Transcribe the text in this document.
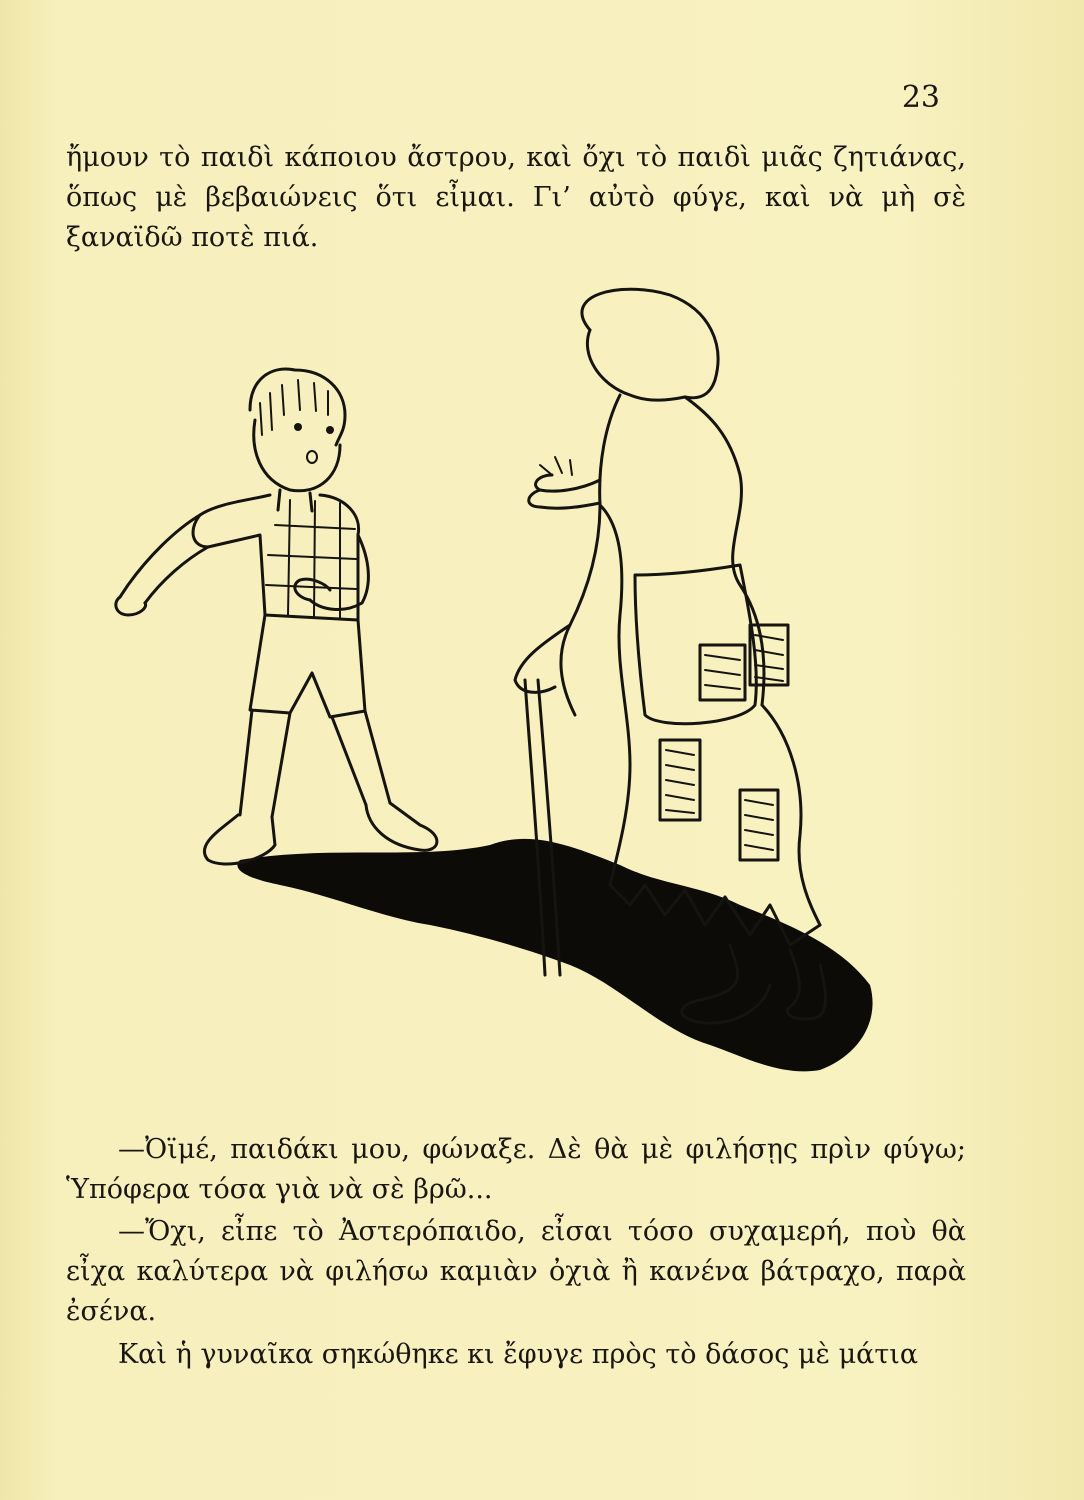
23

ἤμουν τὸ παιδὶ κάποιου ἄστρου, καὶ ὄχι τὸ παιδὶ μιᾶς ζητιάνας, ὅπως μὲ βεβαιώνεις ὅτι εἶμαι. Γι’ αὐτὸ φύγε, καὶ νὰ μὴ σὲ ξαναϊδῶ ποτὲ πιά.

—Ὀϊμέ, παιδάκι μου, φώναξε. Δὲ θὰ μὲ φιλήσῃς πρὶν φύγω; Ὑπόφερα τόσα γιὰ νὰ σὲ βρῶ...

—Ὄχι, εἶπε τὸ Ἀστερόπαιδο, εἶσαι τόσο συχαμερή, ποὺ θὰ εἶχα καλύτερα νὰ φιλήσω καμιὰν ὀχιὰ ἢ κανένα βάτραχο, παρὰ ἐσένα.

Καὶ ἡ γυναῖκα σηκώθηκε κι ἔφυγε πρὸς τὸ δάσος μὲ μάτια
